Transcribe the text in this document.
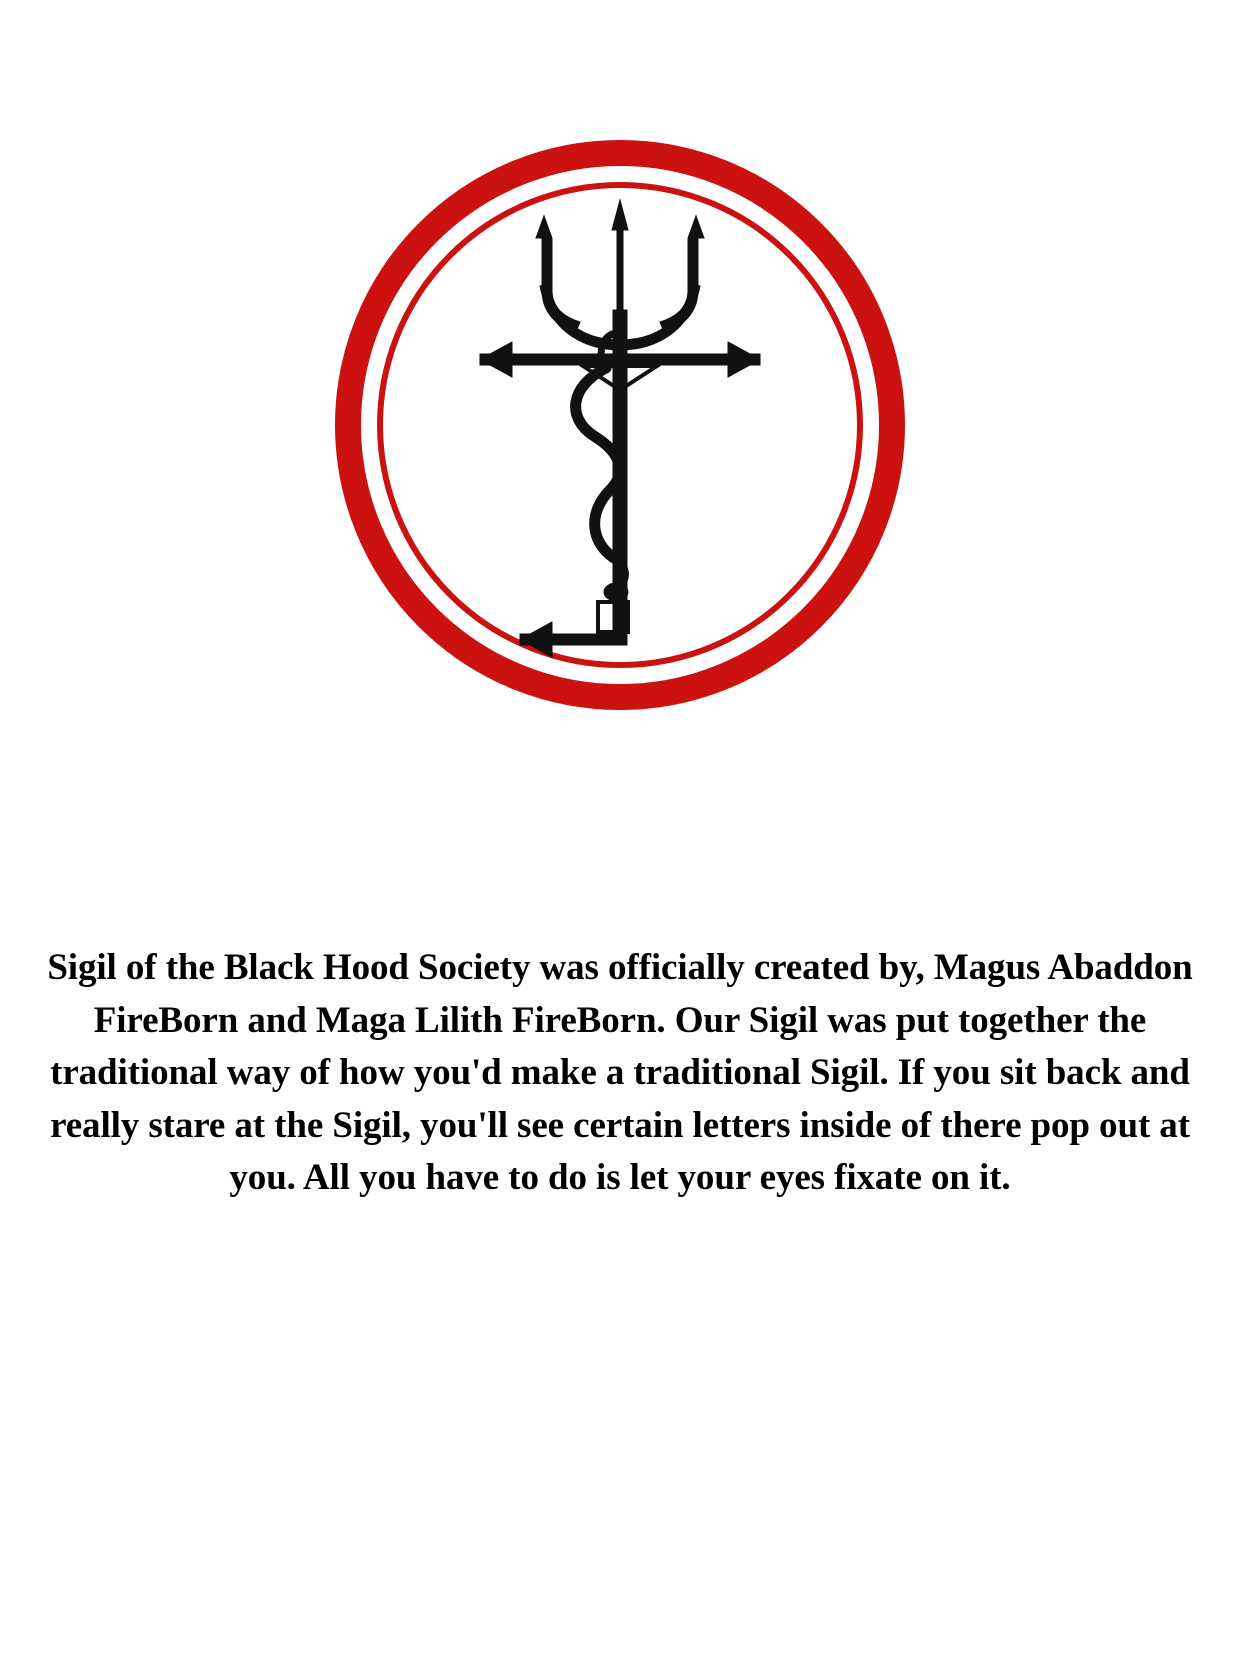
Sigil of the Black Hood Society was officially created by, Magus Abaddon FireBorn and Maga Lilith FireBorn. Our Sigil was put together the traditional way of how you'd make a traditional Sigil. If you sit back and really stare at the Sigil, you'll see certain letters inside of there pop out at you. All you have to do is let your eyes fixate on it.
